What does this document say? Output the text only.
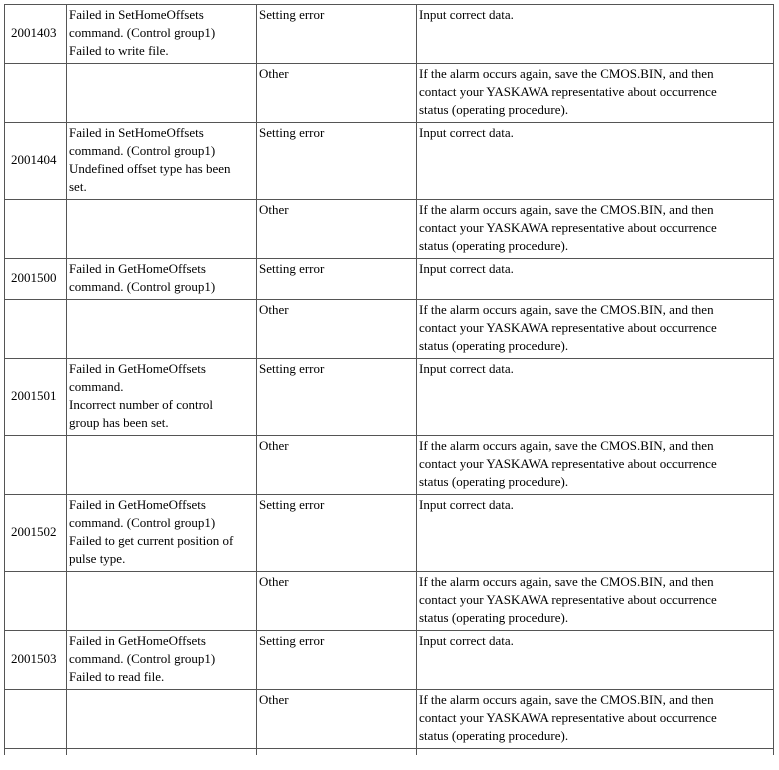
2001403	Failed in SetHomeOffsets
command. (Control group1)
Failed to write file.	Setting error	Input correct data.

		Other	If the alarm occurs again, save the CMOS.BIN, and then
contact your YASKAWA representative about occurrence
status (operating procedure).

2001404	Failed in SetHomeOffsets
command. (Control group1)
Undefined offset type has been
set.	Setting error	Input correct data.

		Other	If the alarm occurs again, save the CMOS.BIN, and then
contact your YASKAWA representative about occurrence
status (operating procedure).

2001500	Failed in GetHomeOffsets
command. (Control group1)	Setting error	Input correct data.

		Other	If the alarm occurs again, save the CMOS.BIN, and then
contact your YASKAWA representative about occurrence
status (operating procedure).

2001501	Failed in GetHomeOffsets
command.
Incorrect number of control
group has been set.	Setting error	Input correct data.

		Other	If the alarm occurs again, save the CMOS.BIN, and then
contact your YASKAWA representative about occurrence
status (operating procedure).

2001502	Failed in GetHomeOffsets
command. (Control group1)
Failed to get current position of
pulse type.	Setting error	Input correct data.

		Other	If the alarm occurs again, save the CMOS.BIN, and then
contact your YASKAWA representative about occurrence
status (operating procedure).

2001503	Failed in GetHomeOffsets
command. (Control group1)
Failed to read file.	Setting error	Input correct data.

		Other	If the alarm occurs again, save the CMOS.BIN, and then
contact your YASKAWA representative about occurrence
status (operating procedure).
